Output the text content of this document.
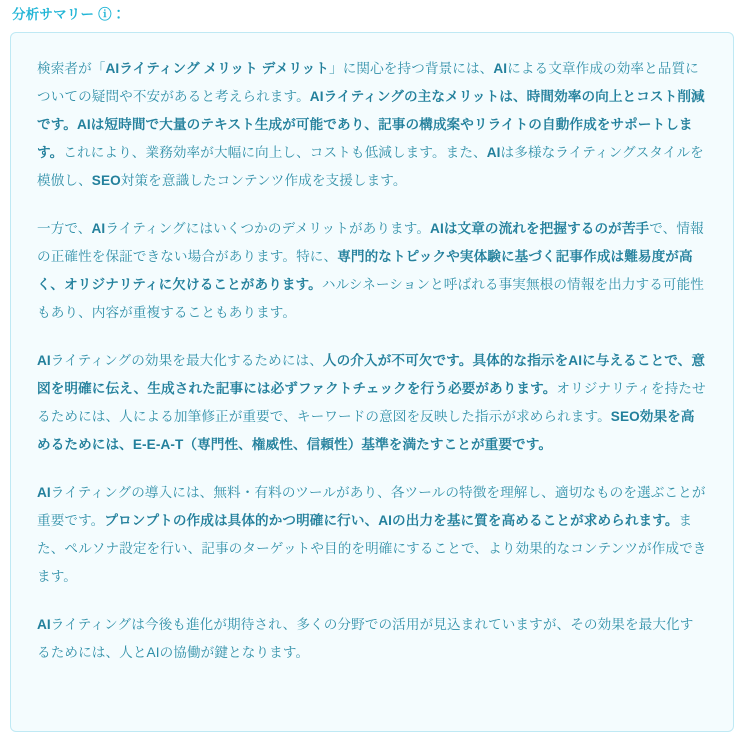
分析サマリー ⓘ：

検索者が「AIライティング メリット デメリット」に関心を持つ背景には、AIによる文章作成の効率と品質についての疑問や不安があると考えられます。AIライティングの主なメリットは、時間効率の向上とコスト削減です。AIは短時間で大量のテキスト生成が可能であり、記事の構成案やリライトの自動作成をサポートします。これにより、業務効率が大幅に向上し、コストも低減します。また、AIは多様なライティングスタイルを模倣し、SEO対策を意識したコンテンツ作成を支援します。

一方で、AIライティングにはいくつかのデメリットがあります。AIは文章の流れを把握するのが苦手で、情報の正確性を保証できない場合があります。特に、専門的なトピックや実体験に基づく記事作成は難易度が高く、オリジナリティに欠けることがあります。ハルシネーションと呼ばれる事実無根の情報を出力する可能性もあり、内容が重複することもあります。

AIライティングの効果を最大化するためには、人の介入が不可欠です。具体的な指示をAIに与えることで、意図を明確に伝え、生成された記事には必ずファクトチェックを行う必要があります。オリジナリティを持たせるためには、人による加筆修正が重要で、キーワードの意図を反映した指示が求められます。SEO効果を高めるためには、E-E-A-T（専門性、権威性、信頼性）基準を満たすことが重要です。

AIライティングの導入には、無料・有料のツールがあり、各ツールの特徴を理解し、適切なものを選ぶことが重要です。プロンプトの作成は具体的かつ明確に行い、AIの出力を基に質を高めることが求められます。また、ペルソナ設定を行い、記事のターゲットや目的を明確にすることで、より効果的なコンテンツが作成できます。

AIライティングは今後も進化が期待され、多くの分野での活用が見込まれていますが、その効果を最大化するためには、人とAIの協働が鍵となります。
